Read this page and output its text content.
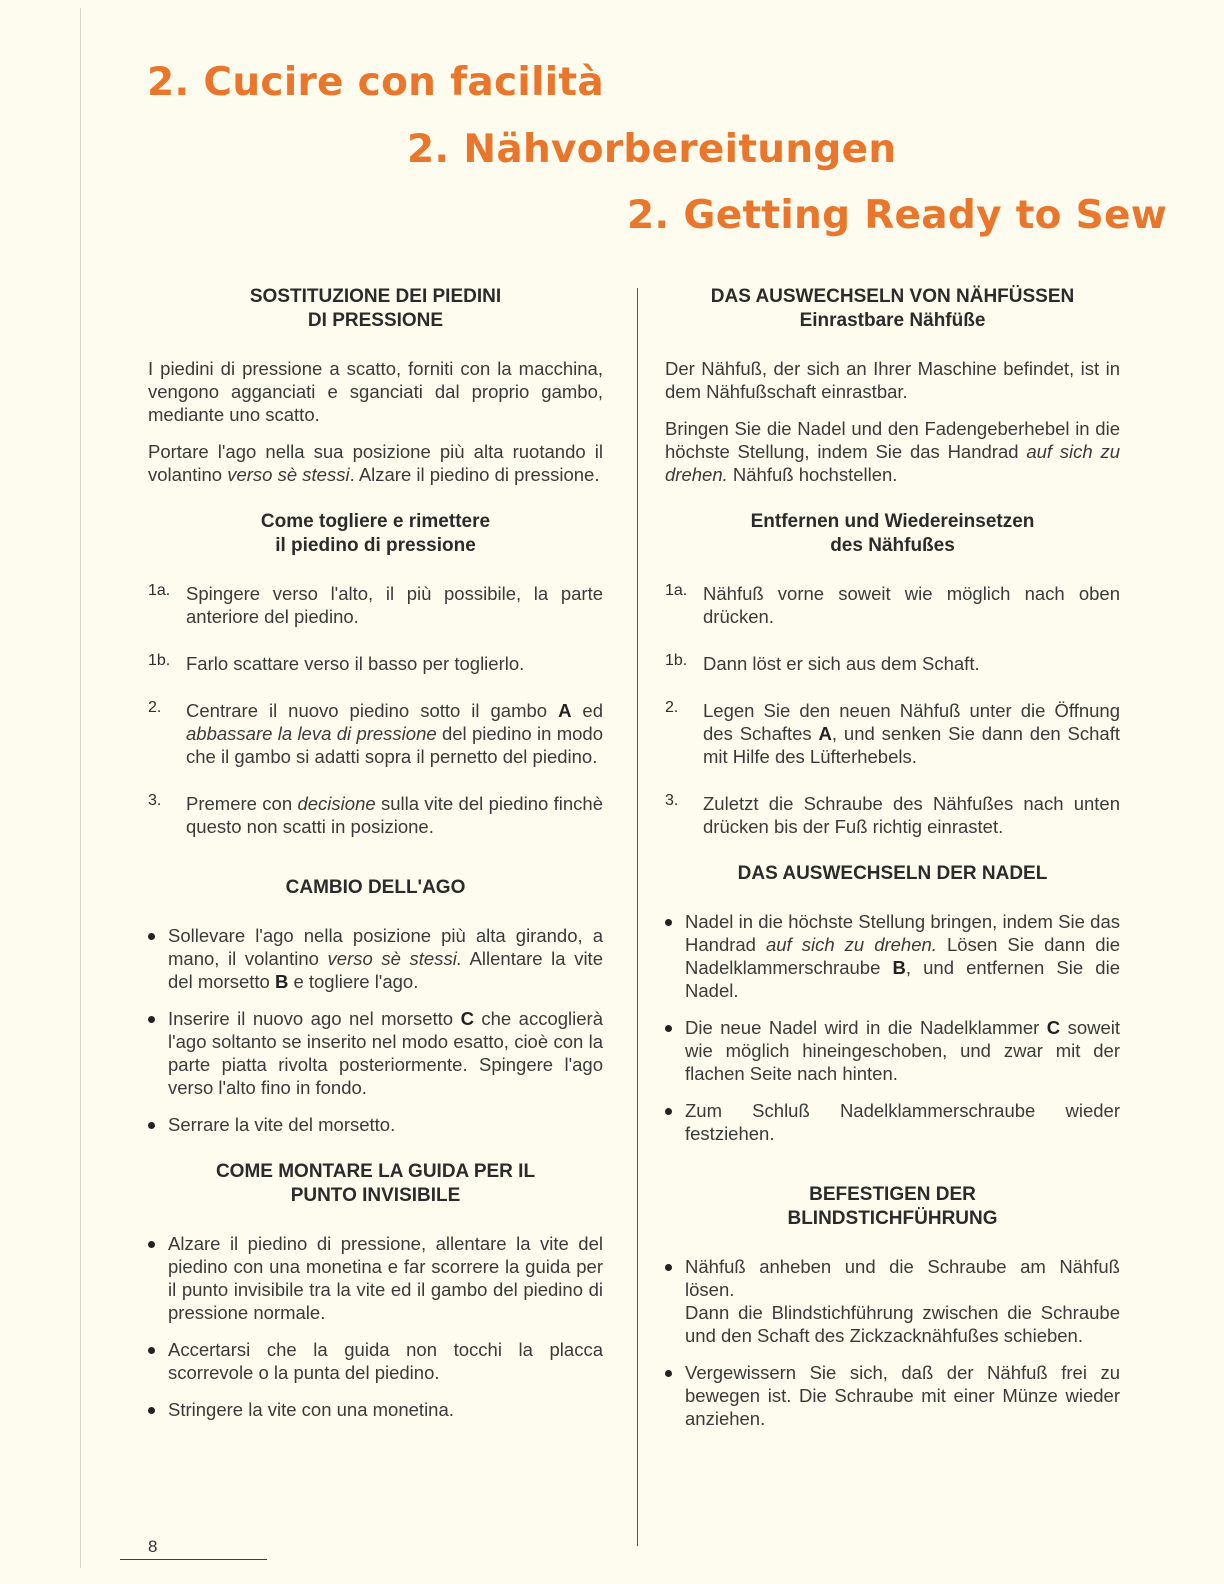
2. Cucire con facilità
2. Nähvorbereitungen
2. Getting Ready to Sew
SOSTITUZIONE DEI PIEDINI
DI PRESSIONE

I piedini di pressione a scatto, forniti con la macchina, vengono agganciati e sganciati dal proprio gambo, mediante uno scatto.

Portare l'ago nella sua posizione più alta ruotando il volantino verso sè stessi. Alzare il piedino di pressione.

Come togliere e rimettere
il piedino di pressione
1a. Spingere verso l'alto, il più possibile, la parte anteriore del piedino.

1b. Farlo scattare verso il basso per toglierlo.

2. Centrare il nuovo piedino sotto il gambo A ed abbassare la leva di pressione del piedino in modo che il gambo si adatti sopra il pernetto del piedino.

3. Premere con decisione sulla vite del piedino finchè questo non scatti in posizione.

CAMBIO DELL'AGO

Sollevare l'ago nella posizione più alta girando, a mano, il volantino verso sè stessi. Allentare la vite del morsetto B e togliere l'ago.

Inserire il nuovo ago nel morsetto C che accoglierà l'ago soltanto se inserito nel modo esatto, cioè con la parte piatta rivolta posteriormente. Spingere l'ago verso l'alto fino in fondo.

Serrare la vite del morsetto.

COME MONTARE LA GUIDA PER IL
PUNTO INVISIBILE

Alzare il piedino di pressione, allentare la vite del piedino con una monetina e far scorrere la guida per il punto invisibile tra la vite ed il gambo del piedino di pressione normale.

Accertarsi che la guida non tocchi la placca scorrevole o la punta del piedino.

Stringere la vite con una monetina.

DAS AUSWECHSELN VON NÄHFÜSSEN
Einrastbare Nähfüße

Der Nähfuß, der sich an Ihrer Maschine befindet, ist in dem Nähfußschaft einrastbar.

Bringen Sie die Nadel und den Fadengeberhebel in die höchste Stellung, indem Sie das Handrad auf sich zu drehen. Nähfuß hochstellen.

Entfernen und Wiedereinsetzen
des Nähfußes
1a. Nähfuß vorne soweit wie möglich nach oben drücken.

1b. Dann löst er sich aus dem Schaft.

2. Legen Sie den neuen Nähfuß unter die Öffnung des Schaftes A, und senken Sie dann den Schaft mit Hilfe des Lüfterhebels.

3. Zuletzt die Schraube des Nähfußes nach unten drücken bis der Fuß richtig einrastet.

DAS AUSWECHSELN DER NADEL

Nadel in die höchste Stellung bringen, indem Sie das Handrad auf sich zu drehen. Lösen Sie dann die Nadelklammerschraube B, und entfernen Sie die Nadel.

Die neue Nadel wird in die Nadelklammer C soweit wie möglich hineingeschoben, und zwar mit der flachen Seite nach hinten.

Zum Schluß Nadelklammerschraube wieder festziehen.

BEFESTIGEN DER
BLINDSTICHFÜHRUNG

Nähfuß anheben und die Schraube am Nähfuß lösen.

Dann die Blindstichführung zwischen die Schraube und den Schaft des Zickzacknähfußes schieben.

Vergewissern Sie sich, daß der Nähfuß frei zu bewegen ist. Die Schraube mit einer Münze wieder anziehen.

8
